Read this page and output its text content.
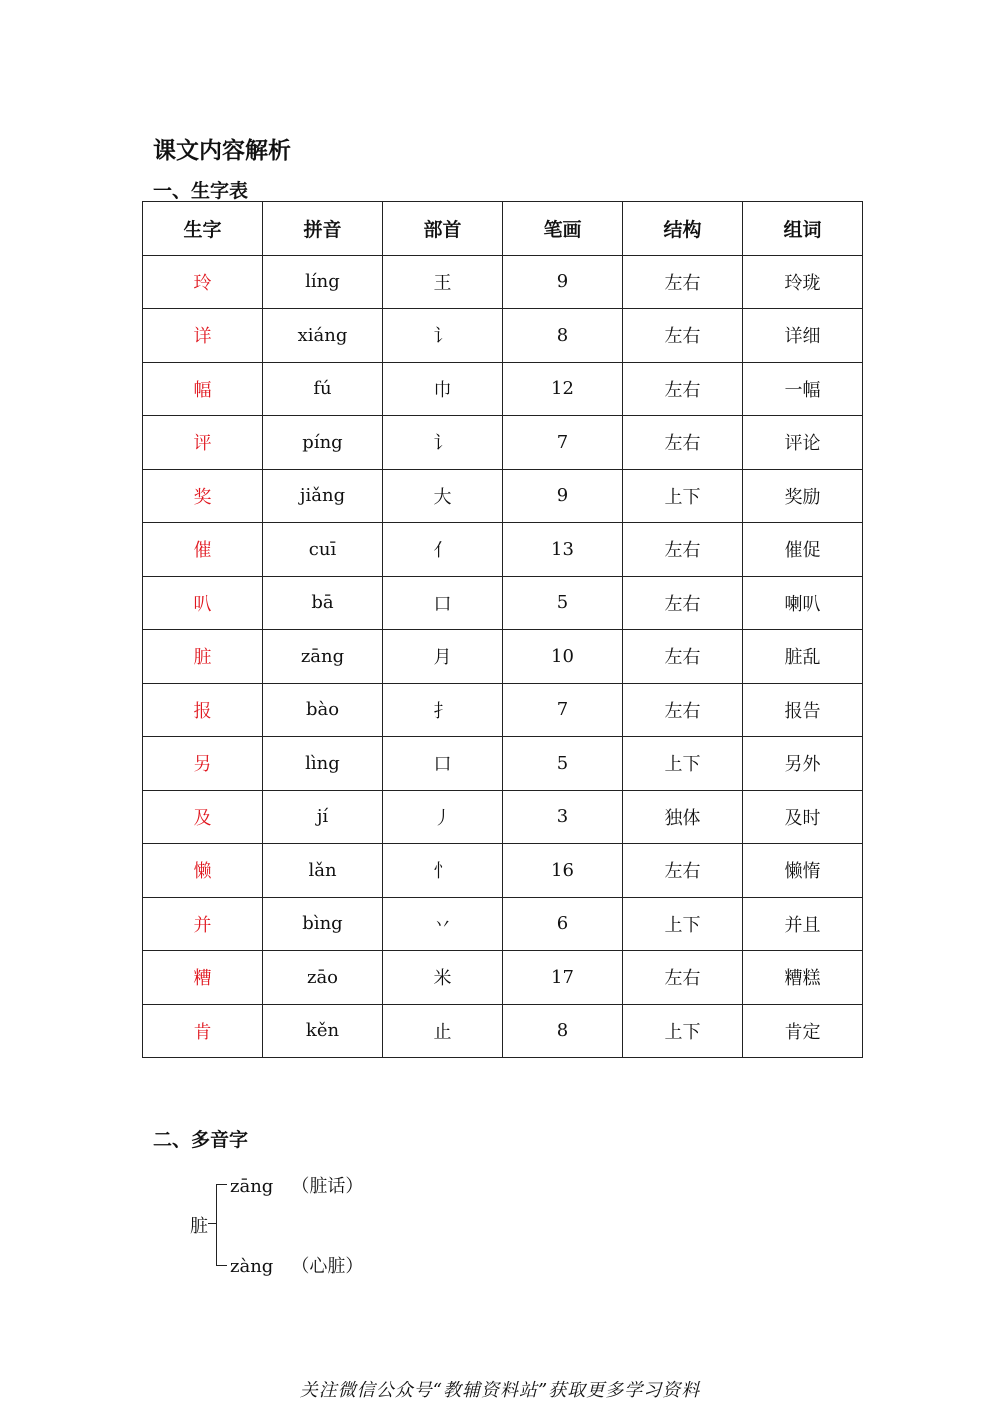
课文内容解析
一、生字表
生字	拼音	部首	笔画	结构	组词
玲	líng	王	9	左右	玲珑
详	xiáng	讠	8	左右	详细
幅	fú	巾	12	左右	一幅
评	píng	讠	7	左右	评论
奖	jiǎng	大	9	上下	奖励
催	cuī	亻	13	左右	催促
叭	bā	口	5	左右	喇叭
脏	zāng	月	10	左右	脏乱
报	bào	扌	7	左右	报告
另	lìng	口	5	上下	另外
及	jí	丿	3	独体	及时
懒	lǎn	忄	16	左右	懒惰
并	bìng	丷	6	上下	并且
糟	zāo	米	17	左右	糟糕
肯	kěn	止	8	上下	肯定
二、多音字
脏
zāng （脏话）
zàng （心脏）
关注微信公众号“教辅资料站”获取更多学习资料
